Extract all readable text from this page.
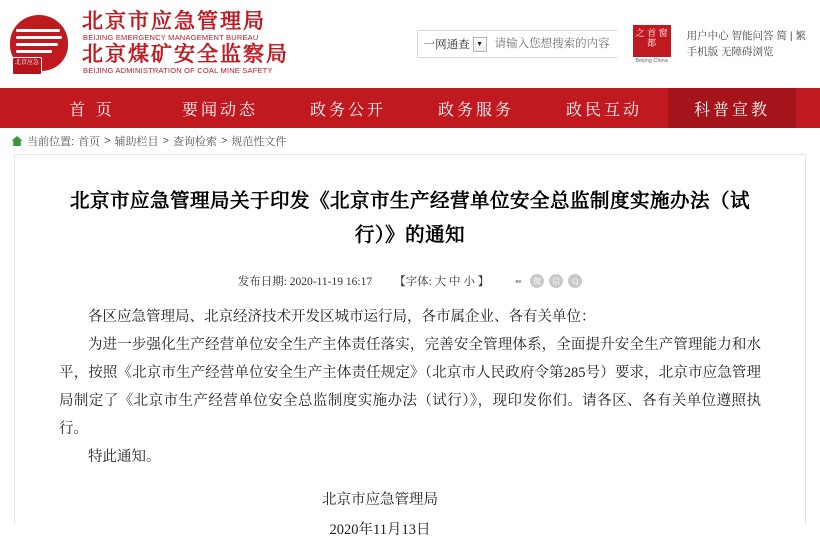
北京应急
北京市应急管理局
BEIJING EMERGENCY MANAGEMENT BUREAU
北京煤矿安全监察局
BEIJING ADMINISTRATION OF COAL MINE SAFETY
一网通查 ▼
请输入您想搜索的内容
之 首 窗 都
Beijing China
用户中心 智能问答 简 | 繁
手机版 无障碍浏览
首 页	要闻动态	政务公开	政务服务	政民互动	科普宣教
当前位置: 首页 > 辅助栏目 > 查询检索 > 规范性文件
北京市应急管理局关于印发《北京市生产经营单位安全总监制度实施办法（试行）》的通知
发布日期: 2020-11-19 16:17 【字体: 大 中 小 】	⇚	微	信	Q

各区应急管理局、北京经济技术开发区城市运行局，各市属企业、各有关单位：

为进一步强化生产经营单位安全生产主体责任落实，完善安全管理体系，全面提升安全生产管理能力和水平，按照《北京市生产经营单位安全生产主体责任规定》（北京市人民政府令第285号）要求，北京市应急管理局制定了《北京市生产经营单位安全总监制度实施办法（试行）》，现印发你们。请各区、各有关单位遵照执行。

特此通知。

北京市应急管理局
2020年11月13日
